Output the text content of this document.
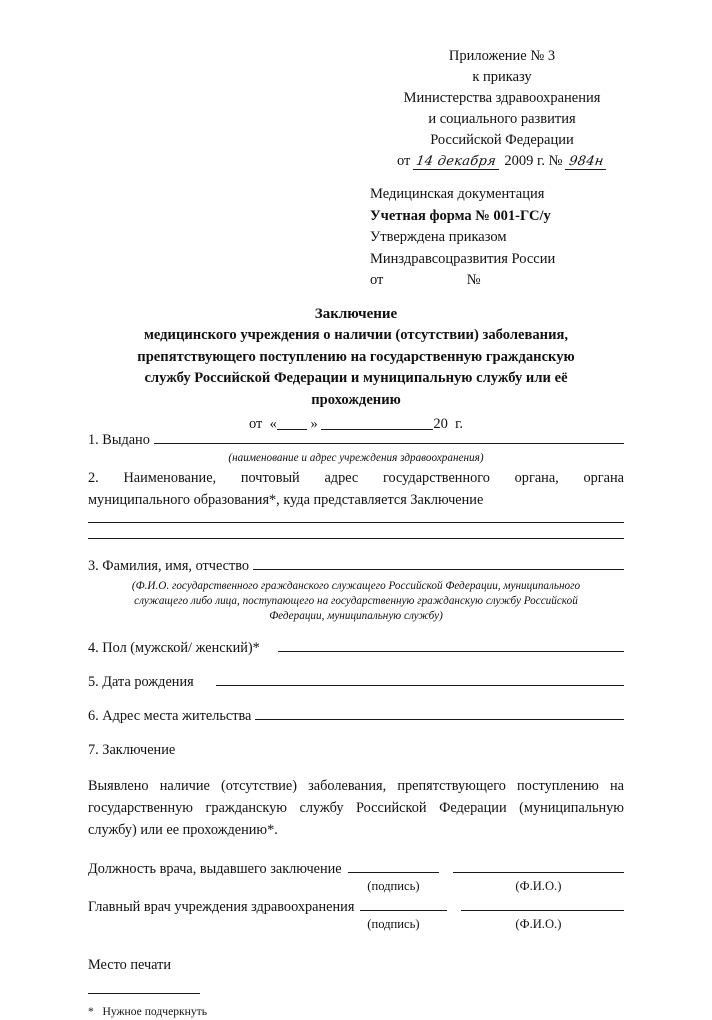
Приложение № 3
к приказу
Министерства здравоохранения
и социального развития
Российской Федерации
от 14 декабря 2009 г. № 984н
Медицинская документация
Учетная форма № 001-ГС/у
Утверждена приказом
Минздравсоцразвития России
от                       №
Заключение
медицинского учреждения о наличии (отсутствии) заболевания,
препятствующего поступлению на государственную гражданскую
службу Российской Федерации и муниципальную службу или её
прохождению
от  « »	20  г.
1. Выдано
(наименование и адрес учреждения здравоохранения)
2. Наименование, почтовый адрес государственного органа, органа
муниципального образования*, куда представляется Заключение
3. Фамилия, имя, отчество
(Ф.И.О. государственного гражданского служащего Российской Федерации, муниципального
служащего либо лица, поступающего на государственную гражданскую службу Российской
Федерации, муниципальную службу)
4. Пол (мужской/ женский)*
5. Дата рождения
6. Адрес места жительства
7. Заключение
Выявлено наличие (отсутствие) заболевания, препятствующего поступлению на
государственную гражданскую службу Российской Федерации (муниципальную
службу) или ее прохождению*.
Должность врача, выдавшего заключение
(подпись)	(Ф.И.О.)
Главный врач учреждения здравоохранения
(подпись)	(Ф.И.О.)
Место печати
*   Нужное подчеркнуть
